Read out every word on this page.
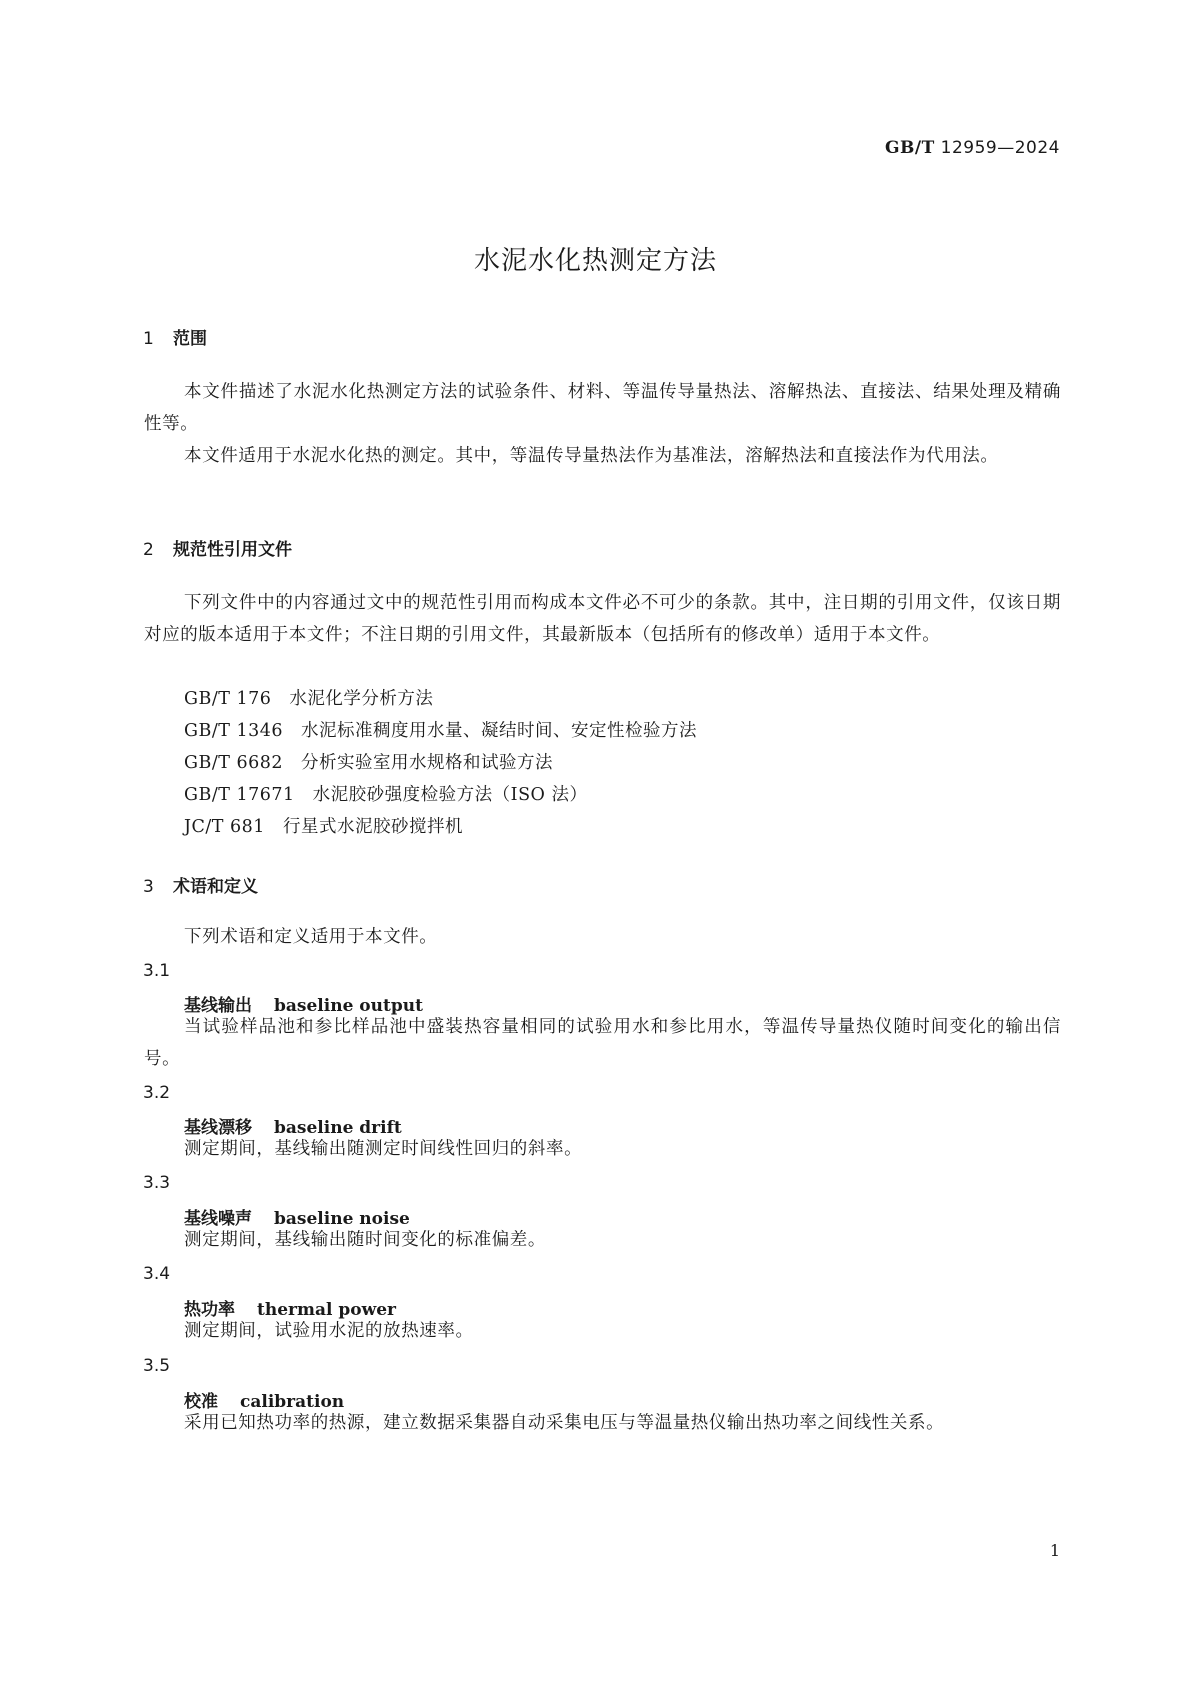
GB/T 12959—2024
水泥水化热测定方法
1 范围
本文件描述了水泥水化热测定方法的试验条件、材料、等温传导量热法、溶解热法、直接法、结果处理及精确性等。
本文件适用于水泥水化热的测定。其中，等温传导量热法作为基准法，溶解热法和直接法作为代用法。
2 规范性引用文件
下列文件中的内容通过文中的规范性引用而构成本文件必不可少的条款。其中，注日期的引用文件，仅该日期对应的版本适用于本文件；不注日期的引用文件，其最新版本（包括所有的修改单）适用于本文件。
GB/T 176 水泥化学分析方法
GB/T 1346 水泥标准稠度用水量、凝结时间、安定性检验方法
GB/T 6682 分析实验室用水规格和试验方法
GB/T 17671 水泥胶砂强度检验方法（ISO 法）
JC/T 681 行星式水泥胶砂搅拌机
3 术语和定义
下列术语和定义适用于本文件。
3.1
基线输出 baseline output
当试验样品池和参比样品池中盛装热容量相同的试验用水和参比用水，等温传导量热仪随时间变化的输出信号。
3.2
基线漂移 baseline drift
测定期间，基线输出随测定时间线性回归的斜率。
3.3
基线噪声 baseline noise
测定期间，基线输出随时间变化的标准偏差。
3.4
热功率 thermal power
测定期间，试验用水泥的放热速率。
3.5
校准 calibration
采用已知热功率的热源，建立数据采集器自动采集电压与等温量热仪输出热功率之间线性关系。
1
